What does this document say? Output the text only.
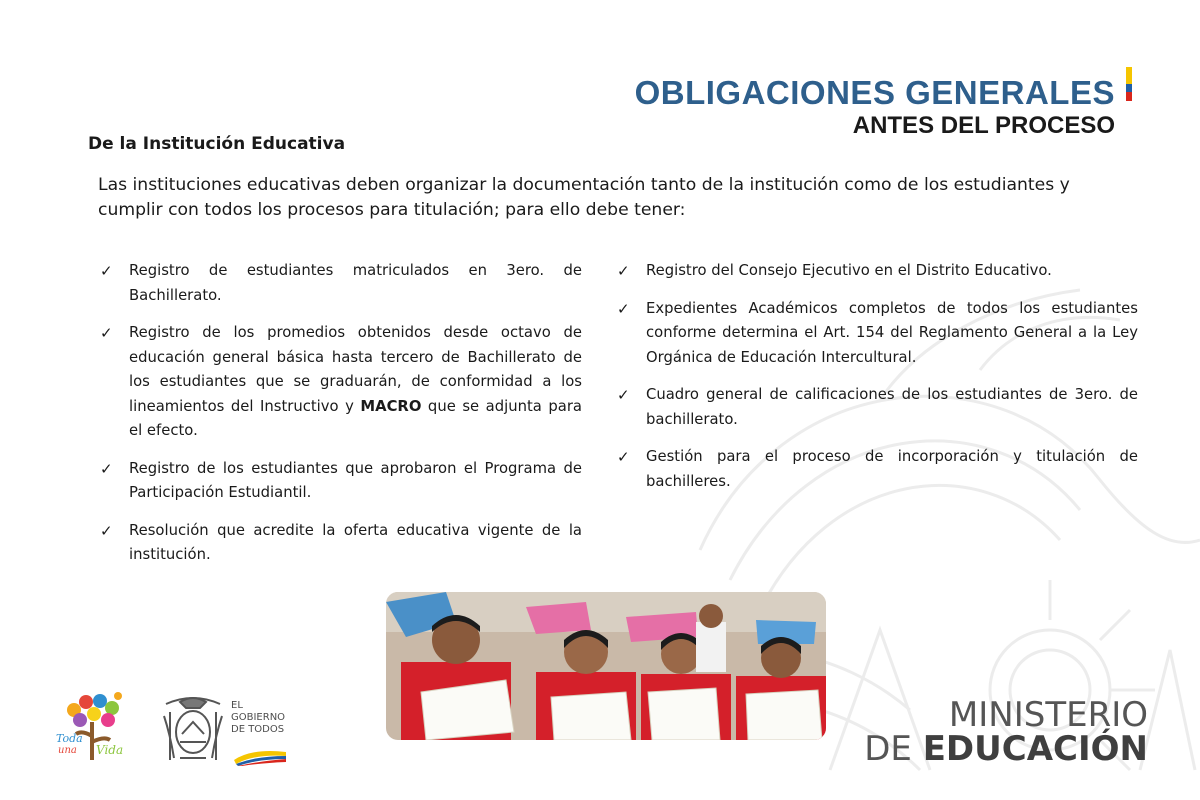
OBLIGACIONES GENERALES
ANTES DEL PROCESO
De la Institución Educativa
Las instituciones educativas deben organizar la documentación tanto de la institución como de los estudiantes y cumplir con todos los procesos para titulación; para ello debe tener:
✓ Registro de estudiantes matriculados en 3ero. de Bachillerato.
✓ Registro de los promedios obtenidos desde octavo de educación general básica hasta tercero de Bachillerato de los estudiantes que se graduarán, de conformidad a los lineamientos del Instructivo y MACRO que se adjunta para el efecto.
✓ Registro de los estudiantes que aprobaron el Programa de Participación Estudiantil.
✓ Resolución que acredite la oferta educativa vigente de la institución.
✓ Registro del Consejo Ejecutivo en el Distrito Educativo.
✓ Expedientes Académicos completos de todos los estudiantes conforme determina el Art. 154 del Reglamento General a la Ley Orgánica de Educación Intercultural.
✓ Cuadro general de calificaciones de los estudiantes de 3ero. de bachillerato.
✓ Gestión para el proceso de incorporación y titulación de bachilleres.
Toda
una Vida
EL
GOBIERNO
DE TODOS	MINISTERIO
DE EDUCACIÓN
